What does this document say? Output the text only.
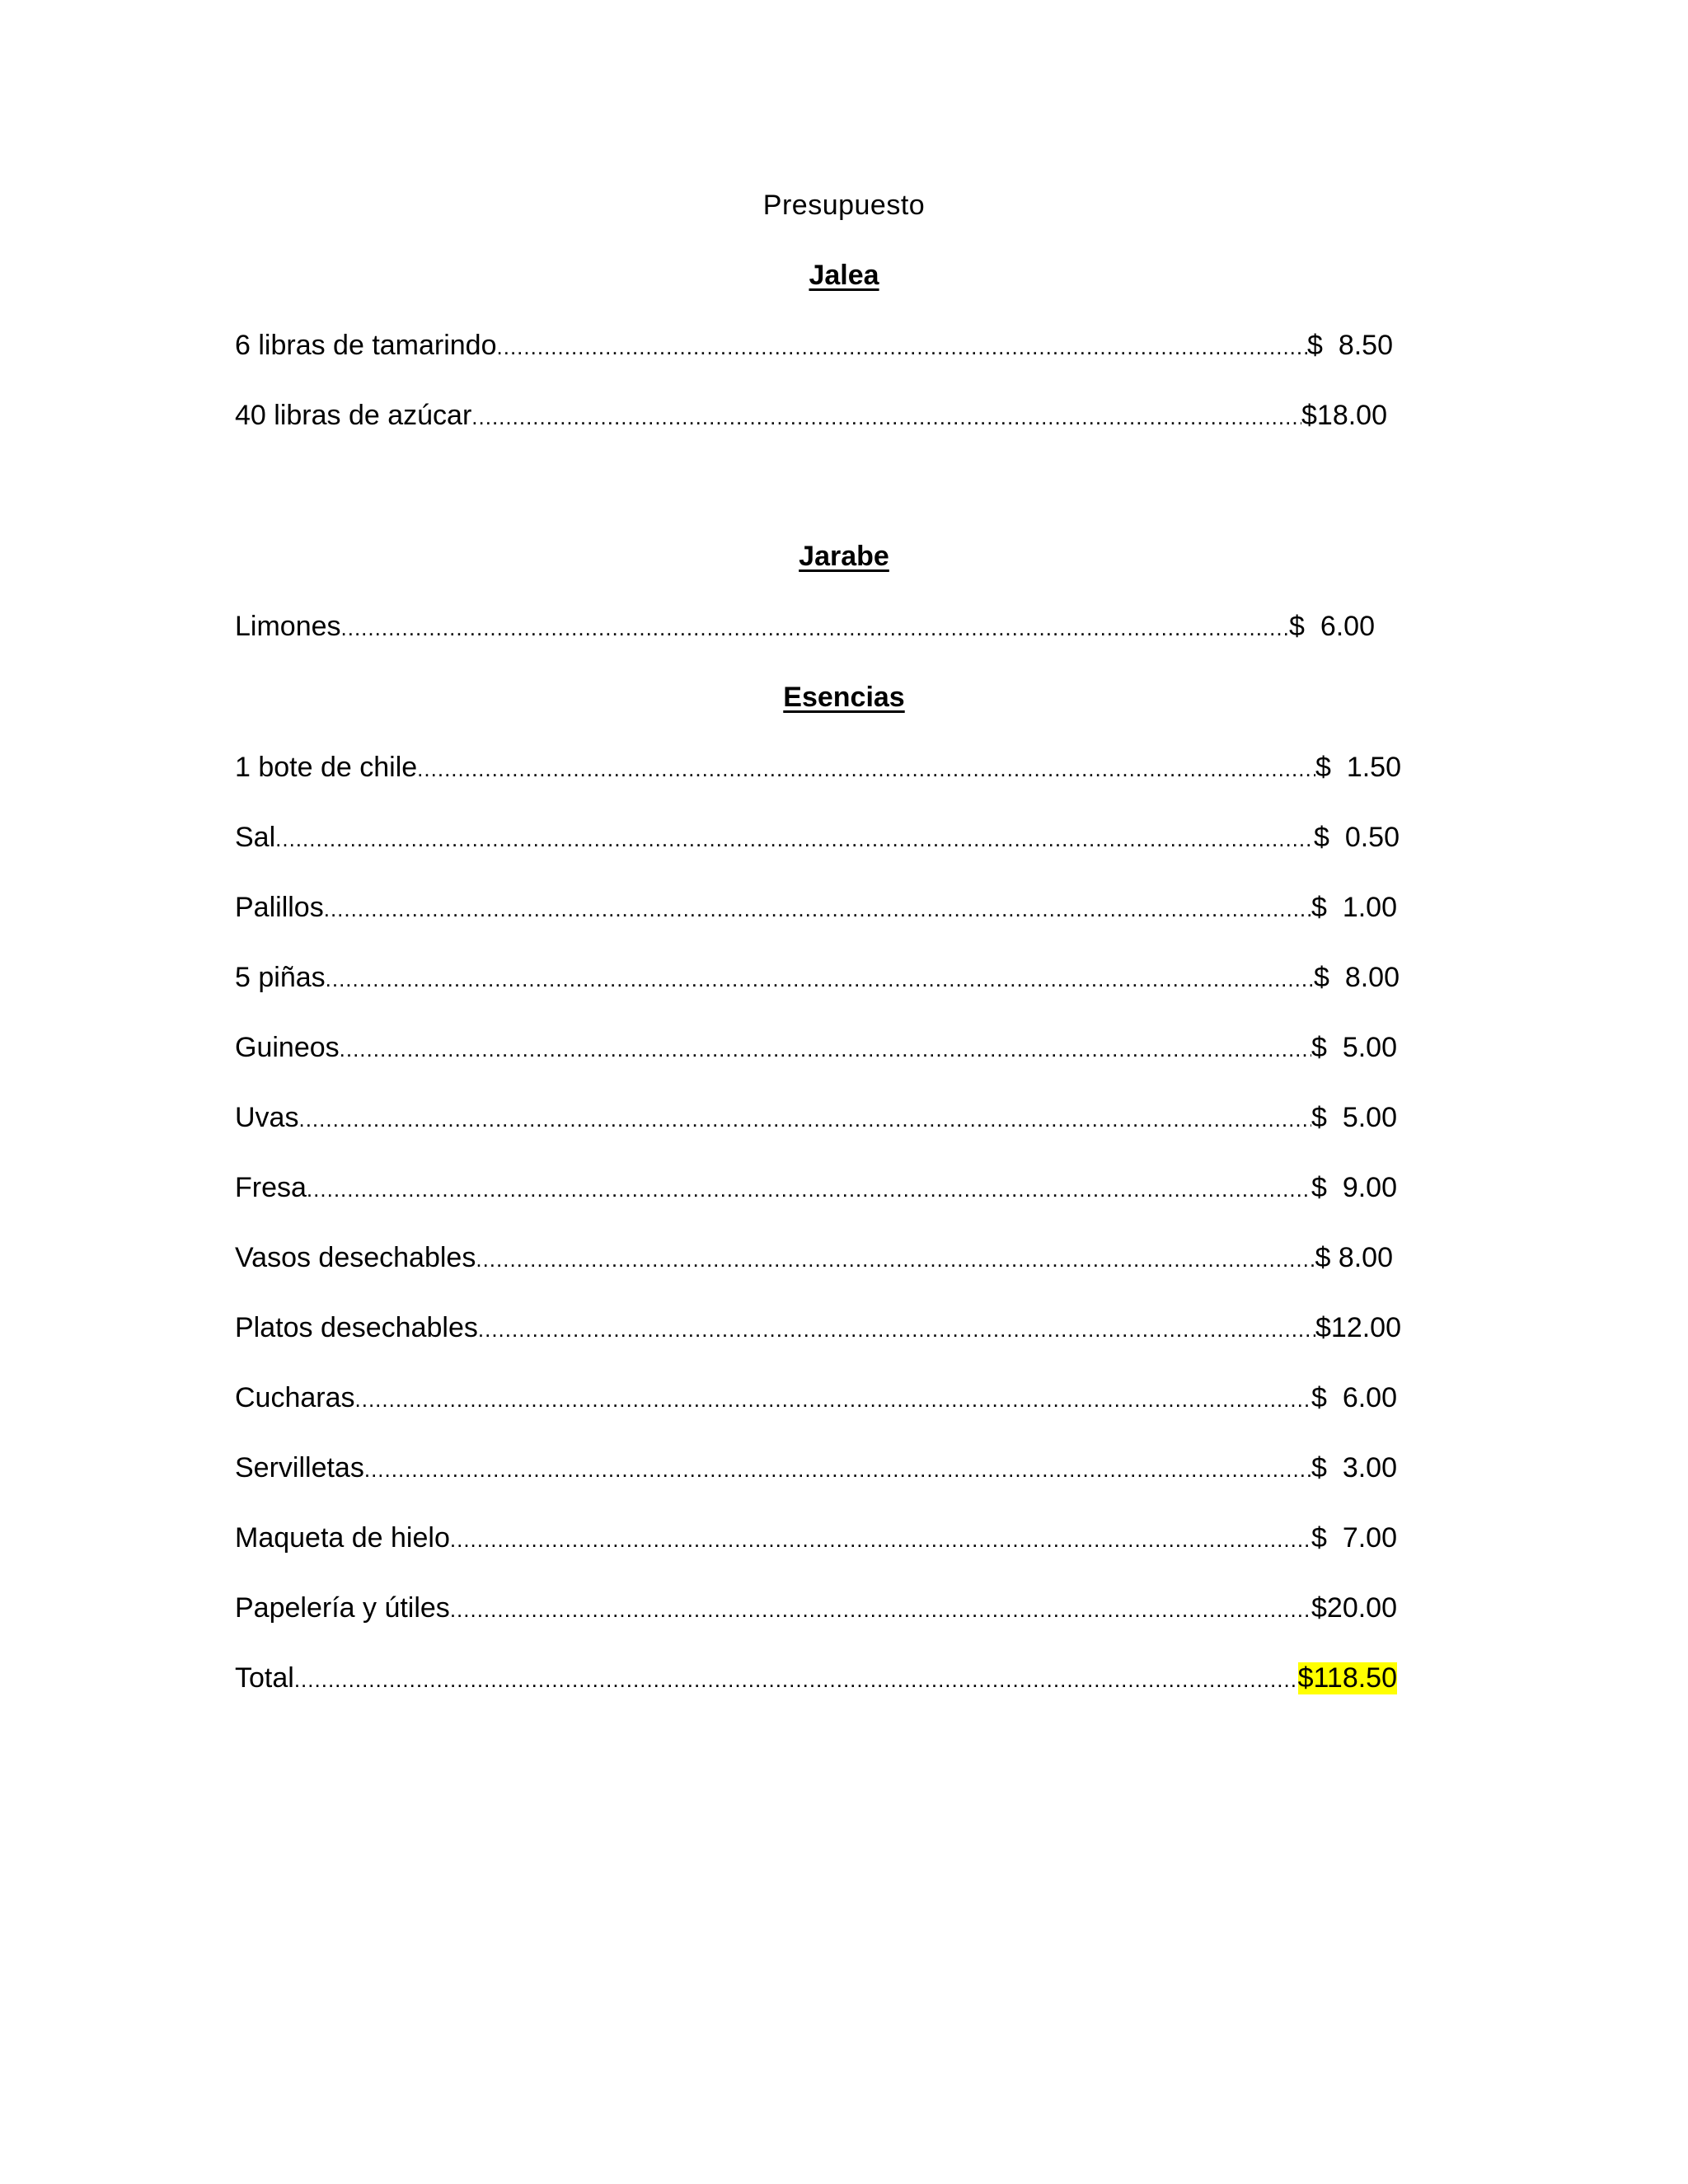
Presupuesto
Jalea
6 libras de tamarindo .....	$  8.50
40 libras de azúcar .....	$18.00
Jarabe
Limones .....	$  6.00
Esencias
1 bote de chile .....	$  1.50
Sal .....	$  0.50
Palillos .....	$  1.00
5 piñas .....	$  8.00
Guineos .....	$  5.00
Uvas .....	$  5.00
Fresa .....	$  9.00
Vasos desechables .....	$ 8.00
Platos desechables .....	$12.00
Cucharas .....	$  6.00
Servilletas .....	$  3.00
Maqueta de hielo .....	$  7.00
Papelería y útiles .....	$20.00
Total .....	$118.50
